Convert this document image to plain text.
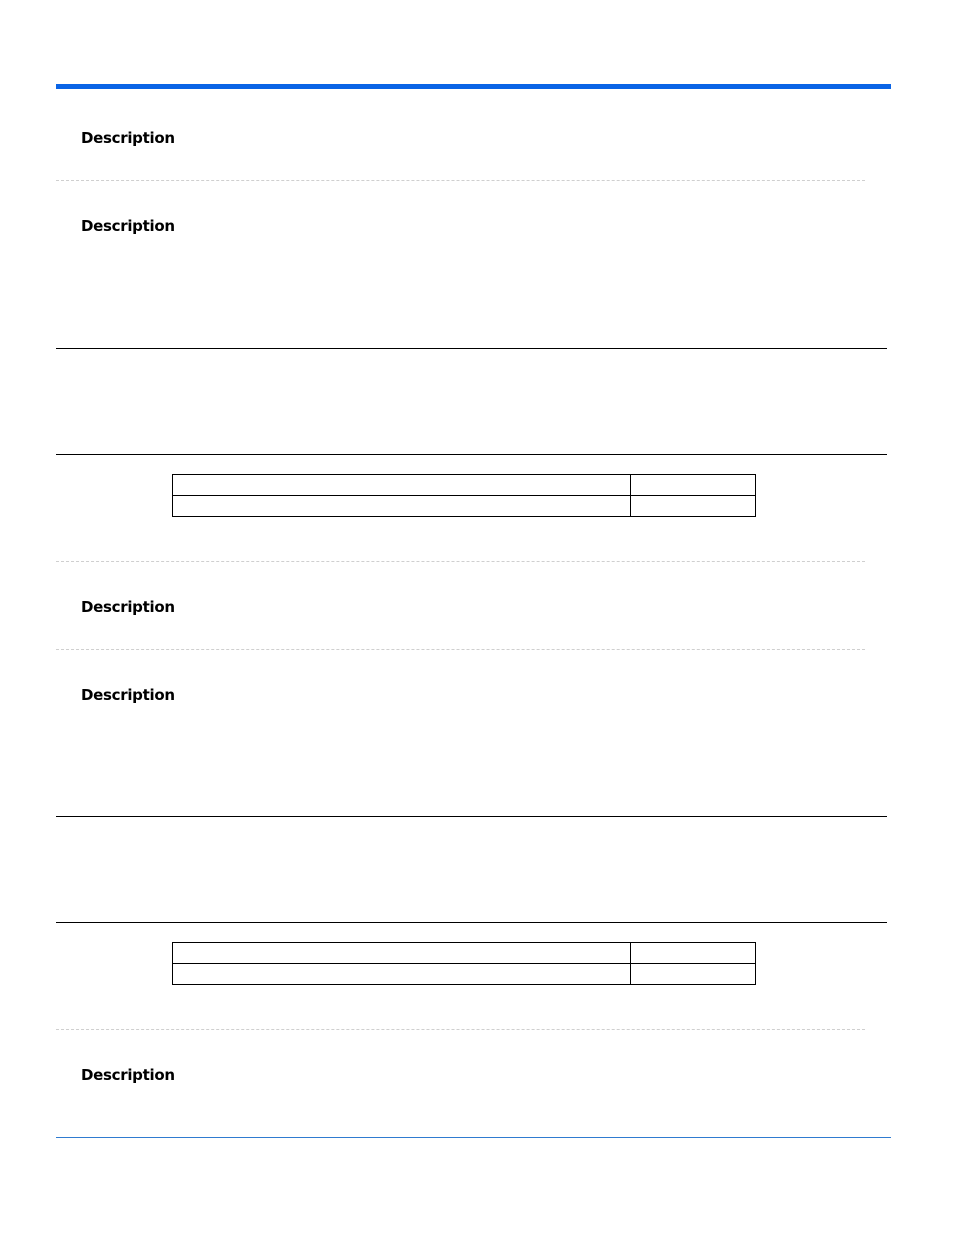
Description
Description

Description
Description

Description
